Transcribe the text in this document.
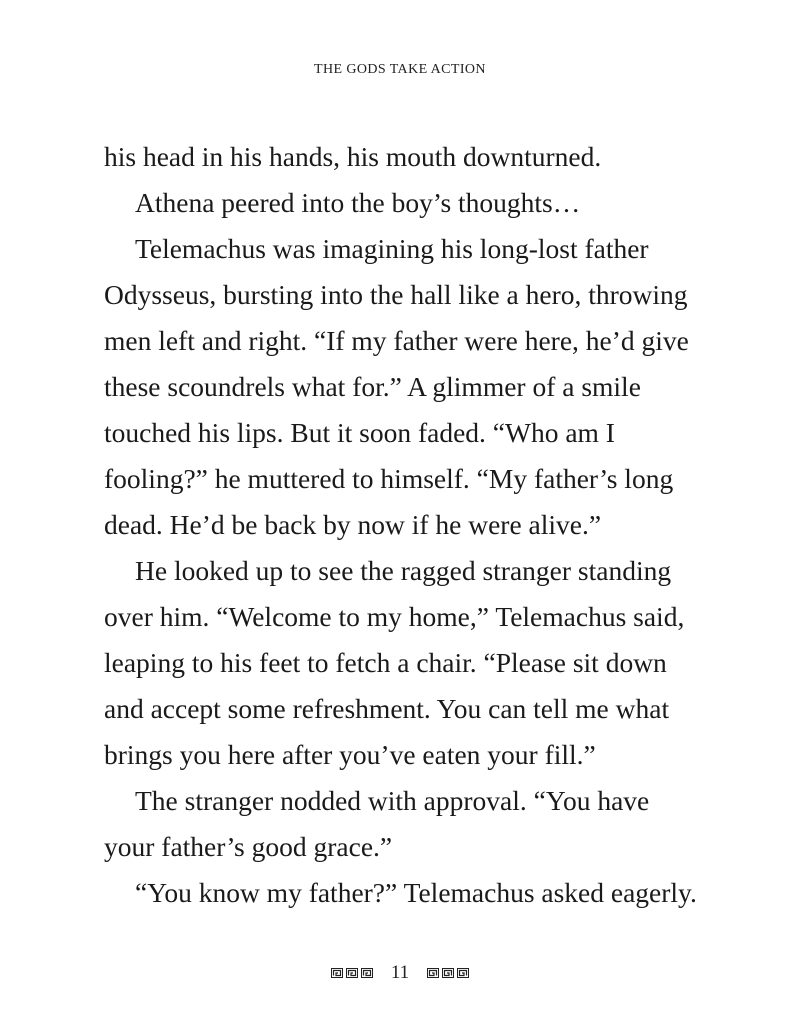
THE GODS TAKE ACTION
his head in his hands, his mouth downturned.
Athena peered into the boy’s thoughts…
Telemachus was imagining his long-lost father
Odysseus, bursting into the hall like a hero, throwing
men left and right. “If my father were here, he’d give
these scoundrels what for.” A glimmer of a smile
touched his lips. But it soon faded. “Who am I
fooling?” he muttered to himself. “My father’s long
dead. He’d be back by now if he were alive.”
He looked up to see the ragged stranger standing
over him. “Welcome to my home,” Telemachus said,
leaping to his feet to fetch a chair. “Please sit down
and accept some refreshment. You can tell me what
brings you here after you’ve eaten your fill.”
The stranger nodded with approval. “You have
your father’s good grace.”
“You know my father?” Telemachus asked eagerly.
11
